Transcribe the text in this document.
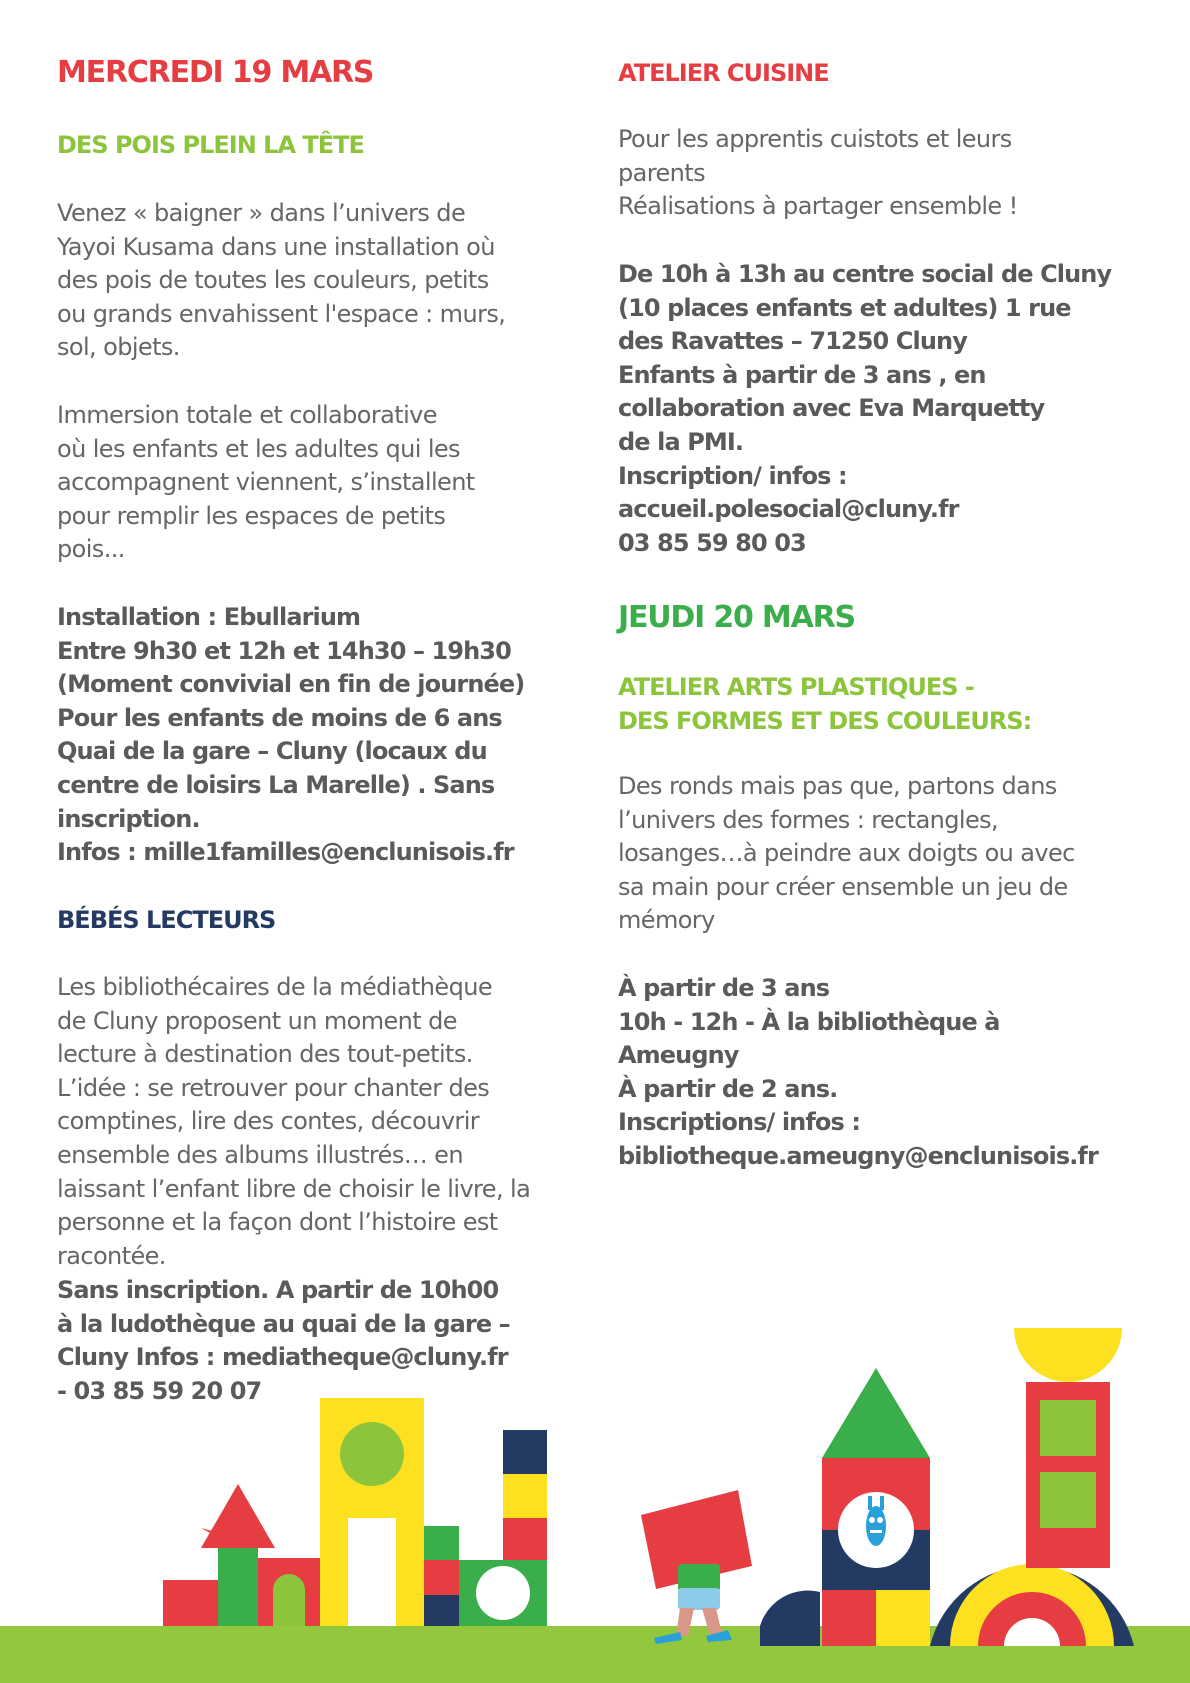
MERCREDI 19 MARS
DES POIS PLEIN LA TÊTE

Venez « baigner » dans l’univers de
Yayoi Kusama dans une installation où
des pois de toutes les couleurs, petits
ou grands envahissent l'espace : murs,
sol, objets.

Immersion totale et collaborative
où les enfants et les adultes qui les
accompagnent viennent, s’installent
pour remplir les espaces de petits
pois...

Installation : Ebullarium
Entre 9h30 et 12h et 14h30 – 19h30
(Moment convivial en fin de journée)
Pour les enfants de moins de 6 ans
Quai de la gare – Cluny (locaux du
centre de loisirs La Marelle) . Sans
inscription.
Infos : mille1familles@enclunisois.fr

BÉBÉS LECTEURS

Les bibliothécaires de la médiathèque
de Cluny proposent un moment de
lecture à destination des tout-petits.
L’idée : se retrouver pour chanter des
comptines, lire des contes, découvrir
ensemble des albums illustrés… en
laissant l’enfant libre de choisir le livre, la
personne et la façon dont l’histoire est
racontée.

Sans inscription. A partir de 10h00
à la ludothèque au quai de la gare –
Cluny Infos : mediatheque@cluny.fr
- 03 85 59 20 07

ATELIER CUISINE

Pour les apprentis cuistots et leurs
parents
Réalisations à partager ensemble !

De 10h à 13h au centre social de Cluny
(10 places enfants et adultes) 1 rue
des Ravattes – 71250 Cluny
Enfants à partir de 3 ans , en
collaboration avec Eva Marquetty
de la PMI.
Inscription/ infos :
accueil.polesocial@cluny.fr
03 85 59 80 03

JEUDI 20 MARS
ATELIER ARTS PLASTIQUES -
DES FORMES ET DES COULEURS:

Des ronds mais pas que, partons dans
l’univers des formes : rectangles,
losanges…à peindre aux doigts ou avec
sa main pour créer ensemble un jeu de
mémory

À partir de 3 ans
10h - 12h - À la bibliothèque à
Ameugny
À partir de 2 ans.
Inscriptions/ infos :
bibliotheque.ameugny@enclunisois.fr
